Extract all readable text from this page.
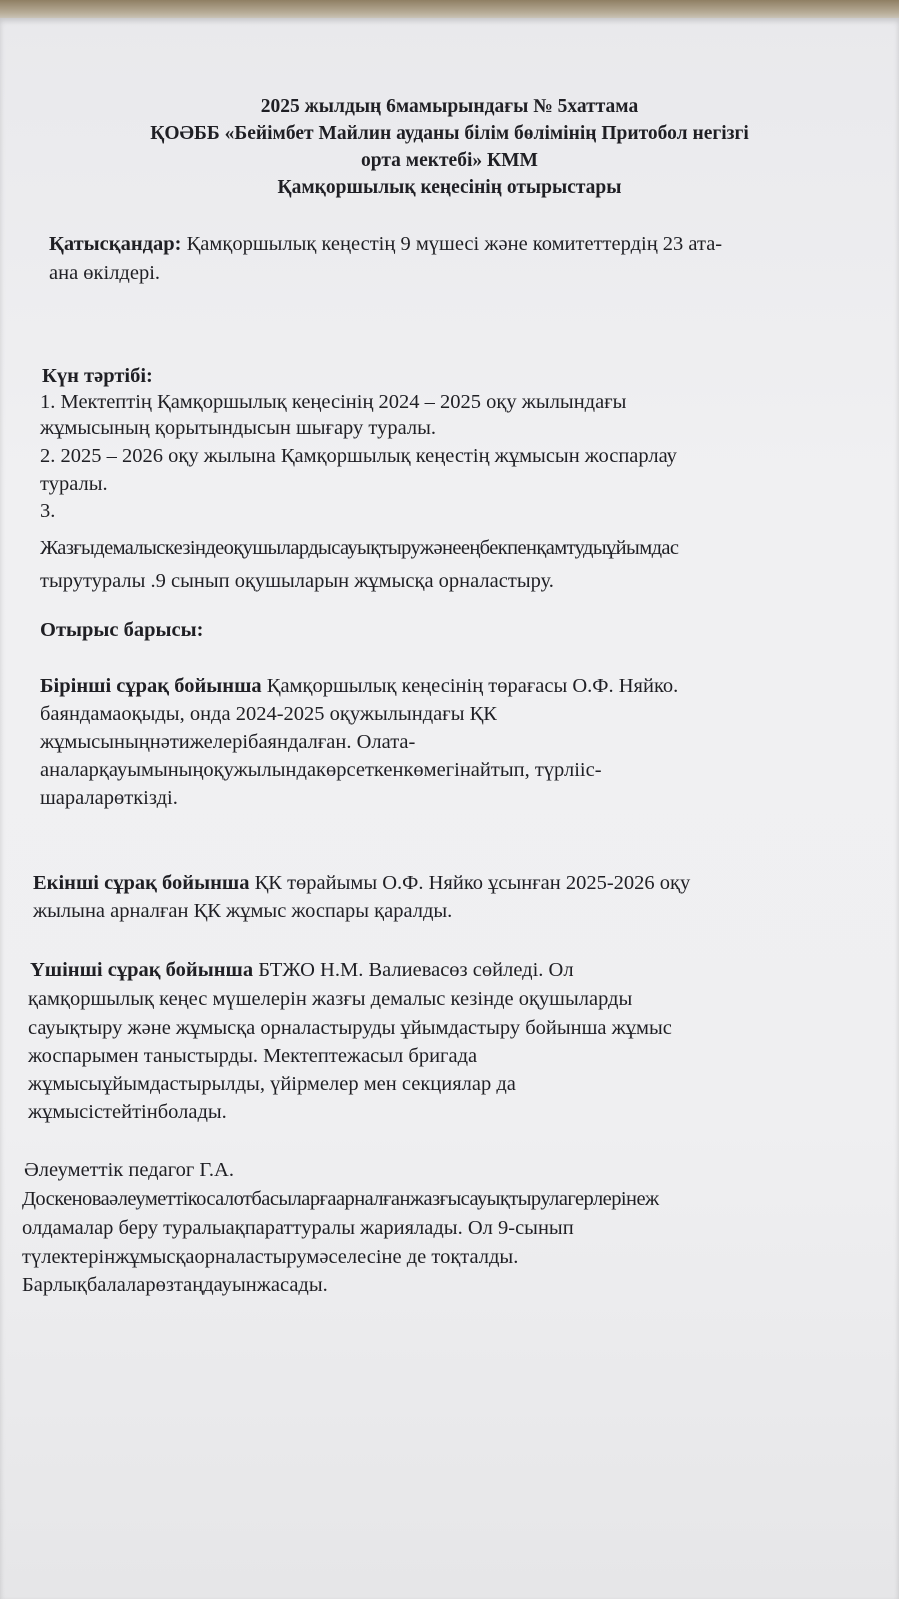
2025 жылдың 6мамырындағы № 5хаттама

ҚОӘББ «Бейімбет Майлин ауданы білім бөлімінің Притобол негізгі

орта мектебі» КММ

Қамқоршылық кеңесінің отырыстары

Қатысқандар: Қамқоршылық кеңестің 9 мүшесі және комитеттердің 23 ата-

ана өкілдері.

Күн тәртібі:

1. Мектептің Қамқоршылық кеңесінің 2024 – 2025 оқу жылындағы

жұмысының қорытындысын шығару туралы.

2. 2025 – 2026 оқу жылына Қамқоршылық кеңестің жұмысын жоспарлау

туралы.

3.

Жазғыдемалыскезіндеоқушылардысауықтыружәнееңбекпенқамтудыұйымдас

тырутуралы .9 сынып оқушыларын жұмысқа орналастыру.

Отырыс барысы:

Бірінші сұрақ бойынша Қамқоршылық кеңесінің төрағасы О.Ф. Няйко.

баяндамаоқыды, онда 2024-2025 оқужылындағы ҚК

жұмысыныңнәтижелерібаяндалған. Олата-

аналарқауымыныңоқужылындакөрсеткенкөмегінайтып, түрлііс-

шараларөткізді.

Екінші сұрақ бойынша ҚК төрайымы О.Ф. Няйко ұсынған 2025-2026 оқу

жылына арналған ҚК жұмыс жоспары қаралды.

Үшінші сұрақ бойынша БТЖО Н.М. Валиевасөз сөйледі. Ол

қамқоршылық кеңес мүшелерін жазғы демалыс кезінде оқушыларды

сауықтыру және жұмысқа орналастыруды ұйымдастыру бойынша жұмыс

жоспарымен таныстырды. Мектептежасыл бригада

жұмысыұйымдастырылды, үйірмелер мен секциялар да

жұмысістейтінболады.

Әлеуметтік педагог Г.А.

Доскеноваәлеуметтікосалотбасыларғаарналғанжазғысауықтырулагерлерінеж

олдамалар беру туралыақпараттуралы жариялады. Ол 9-сынып

түлектерінжұмысқаорналастырумәселесіне де тоқталды.

Барлықбалаларөзтаңдауынжасады.
